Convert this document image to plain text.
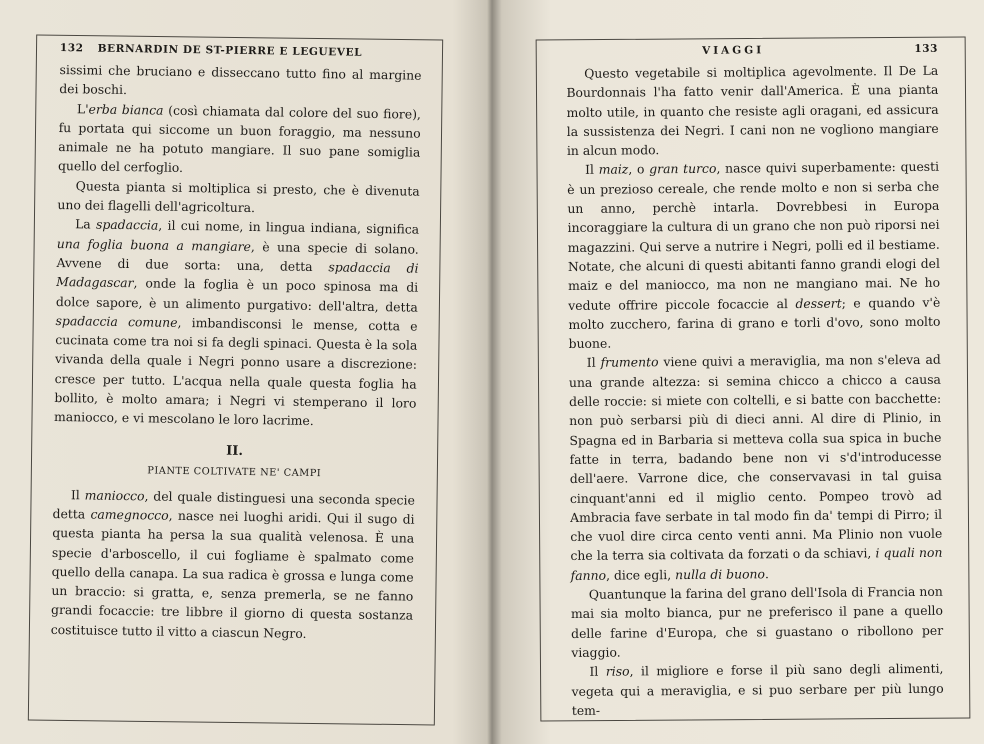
132 BERNARDIN DE ST-PIERRE E LEGUEVEL

sissimi che bruciano e disseccano tutto fino al margine dei boschi.

L'erba bianca (così chiamata dal colore del suo fiore), fu portata qui siccome un buon foraggio, ma nessuno animale ne ha potuto mangiare. Il suo pane somiglia quello del cerfoglio.

Questa pianta si moltiplica si presto, che è divenuta uno dei flagelli dell'agricoltura.

La spadaccia, il cui nome, in lingua indiana, significa una foglia buona a mangiare, è una specie di solano. Avvene di due sorta: una, detta spadaccia di Madagascar, onde la foglia è un poco spinosa ma di dolce sapore, è un alimento purgativo: dell'altra, detta spadaccia comune, imbandisconsi le mense, cotta e cucinata come tra noi si fa degli spinaci. Questa è la sola vivanda della quale i Negri ponno usare a discrezione: cresce per tutto. L'acqua nella quale questa foglia ha bollito, è molto amara; i Negri vi stemperano il loro maniocco, e vi mescolano le loro lacrime.

II.
PIANTE COLTIVATE NE' CAMPI

Il maniocco, del quale distinguesi una seconda specie detta camegnocco, nasce nei luoghi aridi. Qui il sugo di questa pianta ha persa la sua qualità velenosa. È una specie d'arboscello, il cui fogliame è spalmato come quello della canapa. La sua radica è grossa e lunga come un braccio: si gratta, e, senza premerla, se ne fanno grandi focaccie: tre libbre il giorno di questa sostanza costituisce tutto il vitto a ciascun Negro.

VIAGGI	133

Questo vegetabile si moltiplica agevolmente. Il De La Bourdonnais l'ha fatto venir dall'America. È una pianta molto utile, in quanto che resiste agli oragani, ed assicura la sussistenza dei Negri. I cani non ne vogliono mangiare in alcun modo.

Il maiz, o gran turco, nasce quivi superbamente: questi è un prezioso cereale, che rende molto e non si serba che un anno, perchè intarla. Dovrebbesi in Europa incoraggiare la cultura di un grano che non può riporsi nei magazzini. Qui serve a nutrire i Negri, polli ed il bestiame. Notate, che alcuni di questi abitanti fanno grandi elogi del maiz e del maniocco, ma non ne mangiano mai. Ne ho vedute offrire piccole focaccie al dessert; e quando v'è molto zucchero, farina di grano e torli d'ovo, sono molto buone.

Il frumento viene quivi a meraviglia, ma non s'eleva ad una grande altezza: si semina chicco a chicco a causa delle roccie: si miete con coltelli, e si batte con bacchette: non può serbarsi più di dieci anni. Al dire di Plinio, in Spagna ed in Barbaria si metteva colla sua spica in buche fatte in terra, badando bene non vi s'd'introducesse dell'aere. Varrone dice, che conservavasi in tal guisa cinquant'anni ed il miglio cento. Pompeo trovò ad Ambracia fave serbate in tal modo fin da' tempi di Pirro; il che vuol dire circa cento venti anni. Ma Plinio non vuole che la terra sia coltivata da forzati o da schiavi, i quali non fanno, dice egli, nulla di buono.

Quantunque la farina del grano dell'Isola di Francia non mai sia molto bianca, pur ne preferisco il pane a quello delle farine d'Europa, che si guastano o ribollono per viaggio.

Il riso, il migliore e forse il più sano degli alimenti, vegeta qui a meraviglia, e si puo serbare per più lungo tem-
